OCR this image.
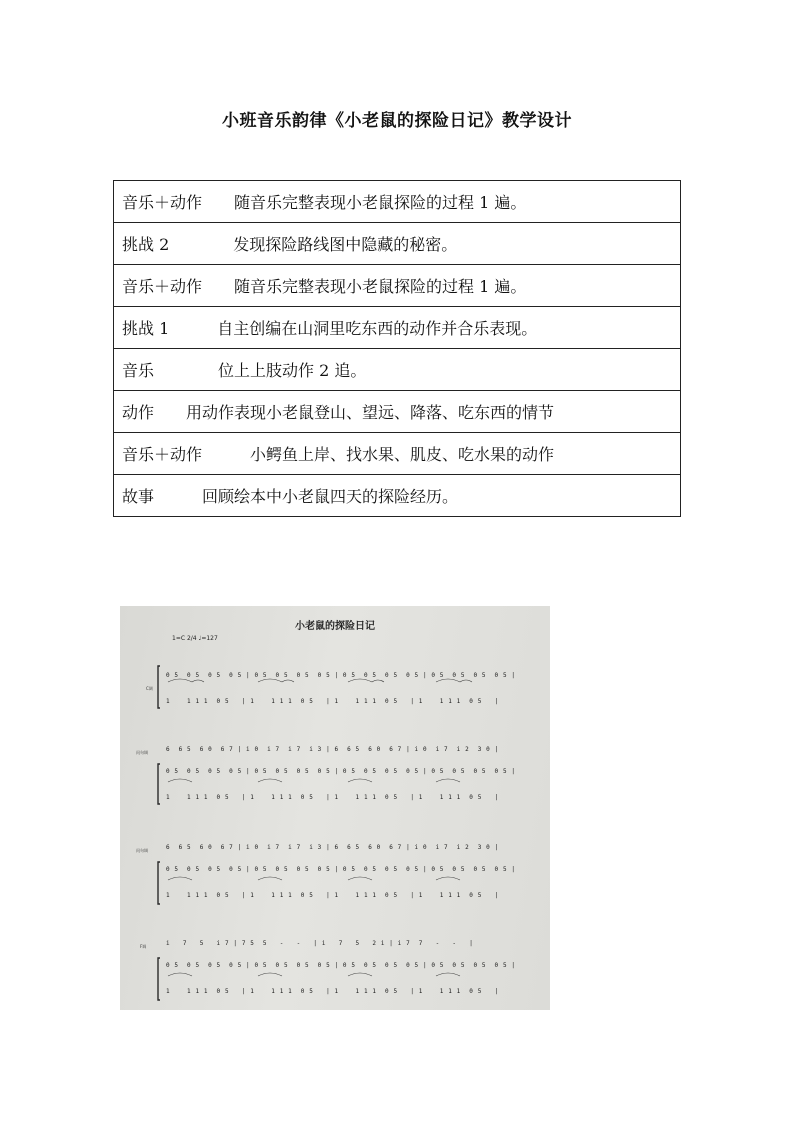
小班音乐韵律《小老鼠的探险日记》教学设计
音乐＋动作　　 随音乐完整表现小老鼠探险的过程 1 遍。
挑战 2　　　　	发现探险路线图中隐藏的秘密。
音乐＋动作　　 随音乐完整表现小老鼠探险的过程 1 遍。
挑战 1　　　	自主创编在山洞里吃东西的动作并合乐表现。
音乐　　　　	位上上肢动作 2 追。
动作　　 用动作表现小老鼠登山、望远、降落、吃东西的情节
音乐＋动作　　　	小鳄鱼上岸、找水果、肌皮、吃水果的动作
故事　　　	回顾绘本中小老鼠四天的探险经历。
小老鼠的探险日记
1=C 2/4 ♩=127
C调
问句调
问句调
F调
0 5  0 5  0 5  0 5 | 0 5  0 5  0 5  0 5 | 0 5  0 5  0 5  0 5 | 0 5  0 5  0 5  0 5 |
1    1 1 1  0 5   | 1    1 1 1  0 5   | 1    1 1 1  0 5   | 1    1 1 1  0 5   |
6  6 5  6 0  6 7 | i 0  i 7  i 7  i 3 | 6  6 5  6 0  6 7 | i 0  i 7  i 2  3 0 |
0 5  0 5  0 5  0 5 | 0 5  0 5  0 5  0 5 | 0 5  0 5  0 5  0 5 | 0 5  0 5  0 5  0 5 |
1    1 1 1  0 5   | 1    1 1 1  0 5   | 1    1 1 1  0 5   | 1    1 1 1  0 5   |
6  6 5  6 0  6 7 | i 0  i 7  i 7  i 3 | 6  6 5  6 0  6 7 | i 0  i 7  i 2  3 0 |
0 5  0 5  0 5  0 5 | 0 5  0 5  0 5  0 5 | 0 5  0 5  0 5  0 5 | 0 5  0 5  0 5  0 5 |
1    1 1 1  0 5   | 1    1 1 1  0 5   | 1    1 1 1  0 5   | 1    1 1 1  0 5   |
i   7   5   i 7 | 7 5  5   -   -   | i   7   5   2 i | i 7  7   -   -   |
0 5  0 5  0 5  0 5 | 0 5  0 5  0 5  0 5 | 0 5  0 5  0 5  0 5 | 0 5  0 5  0 5  0 5 |
1    1 1 1  0 5   | 1    1 1 1  0 5   | 1    1 1 1  0 5   | 1    1 1 1  0 5   |
